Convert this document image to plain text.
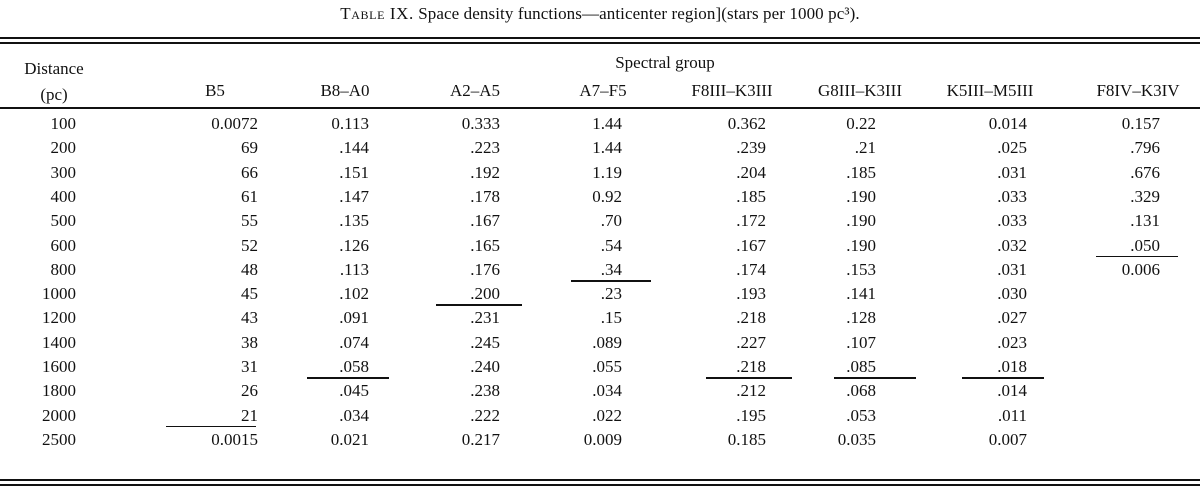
Table IX. Space density functions—anticenter region](stars per 1000 pc³).
Distance
(pc)
Spectral group
B5	B8–A0	A2–A5	A7–F5	F8III–K3III	G8III–K3III	K5III–M5III	F8IV–K3IV
100	0.0072	0.113	0.333	1.44	0.362	0.22	0.014	0.157
200	69	.144	.223	1.44	.239	.21	.025	.796
300	66	.151	.192	1.19	.204	.185	.031	.676
400	61	.147	.178	0.92	.185	.190	.033	.329
500	55	.135	.167	.70	.172	.190	.033	.131
600	52	.126	.165	.54	.167	.190	.032	.050
800	48	.113	.176	.34	.174	.153	.031	0.006
1000	45	.102	.200	.23	.193	.141	.030
1200	43	.091	.231	.15	.218	.128	.027
1400	38	.074	.245	.089	.227	.107	.023
1600	31	.058	.240	.055	.218	.085	.018
1800	26	.045	.238	.034	.212	.068	.014
2000	21	.034	.222	.022	.195	.053	.011
2500	0.0015	0.021	0.217	0.009	0.185	0.035	0.007
